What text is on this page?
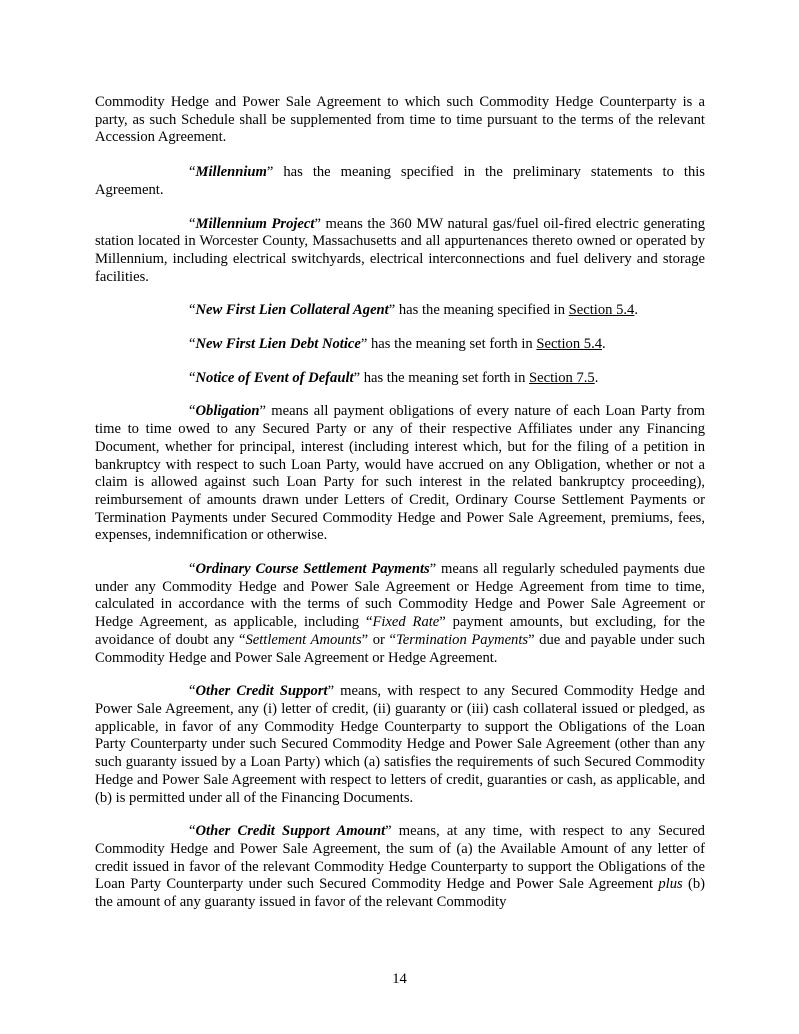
Commodity Hedge and Power Sale Agreement to which such Commodity Hedge Counterparty is a party, as such Schedule shall be supplemented from time to time pursuant to the terms of the relevant Accession Agreement.

“Millennium” has the meaning specified in the preliminary statements to this Agreement.

“Millennium Project” means the 360 MW natural gas/fuel oil-fired electric generating station located in Worcester County, Massachusetts and all appurtenances thereto owned or operated by Millennium, including electrical switchyards, electrical interconnections and fuel delivery and storage facilities.

“New First Lien Collateral Agent” has the meaning specified in Section 5.4.

“New First Lien Debt Notice” has the meaning set forth in Section 5.4.

“Notice of Event of Default” has the meaning set forth in Section 7.5.

“Obligation” means all payment obligations of every nature of each Loan Party from time to time owed to any Secured Party or any of their respective Affiliates under any Financing Document, whether for principal, interest (including interest which, but for the filing of a petition in bankruptcy with respect to such Loan Party, would have accrued on any Obligation, whether or not a claim is allowed against such Loan Party for such interest in the related bankruptcy proceeding), reimbursement of amounts drawn under Letters of Credit, Ordinary Course Settlement Payments or Termination Payments under Secured Commodity Hedge and Power Sale Agreement, premiums, fees, expenses, indemnification or otherwise.

“Ordinary Course Settlement Payments” means all regularly scheduled payments due under any Commodity Hedge and Power Sale Agreement or Hedge Agreement from time to time, calculated in accordance with the terms of such Commodity Hedge and Power Sale Agreement or Hedge Agreement, as applicable, including “Fixed Rate” payment amounts, but excluding, for the avoidance of doubt any “Settlement Amounts” or “Termination Payments” due and payable under such Commodity Hedge and Power Sale Agreement or Hedge Agreement.

“Other Credit Support” means, with respect to any Secured Commodity Hedge and Power Sale Agreement, any (i) letter of credit, (ii) guaranty or (iii) cash collateral issued or pledged, as applicable, in favor of any Commodity Hedge Counterparty to support the Obligations of the Loan Party Counterparty under such Secured Commodity Hedge and Power Sale Agreement (other than any such guaranty issued by a Loan Party) which (a) satisfies the requirements of such Secured Commodity Hedge and Power Sale Agreement with respect to letters of credit, guaranties or cash, as applicable, and (b) is permitted under all of the Financing Documents.

“Other Credit Support Amount” means, at any time, with respect to any Secured Commodity Hedge and Power Sale Agreement, the sum of (a) the Available Amount of any letter of credit issued in favor of the relevant Commodity Hedge Counterparty to support the Obligations of the Loan Party Counterparty under such Secured Commodity Hedge and Power Sale Agreement plus (b) the amount of any guaranty issued in favor of the relevant Commodity

14
